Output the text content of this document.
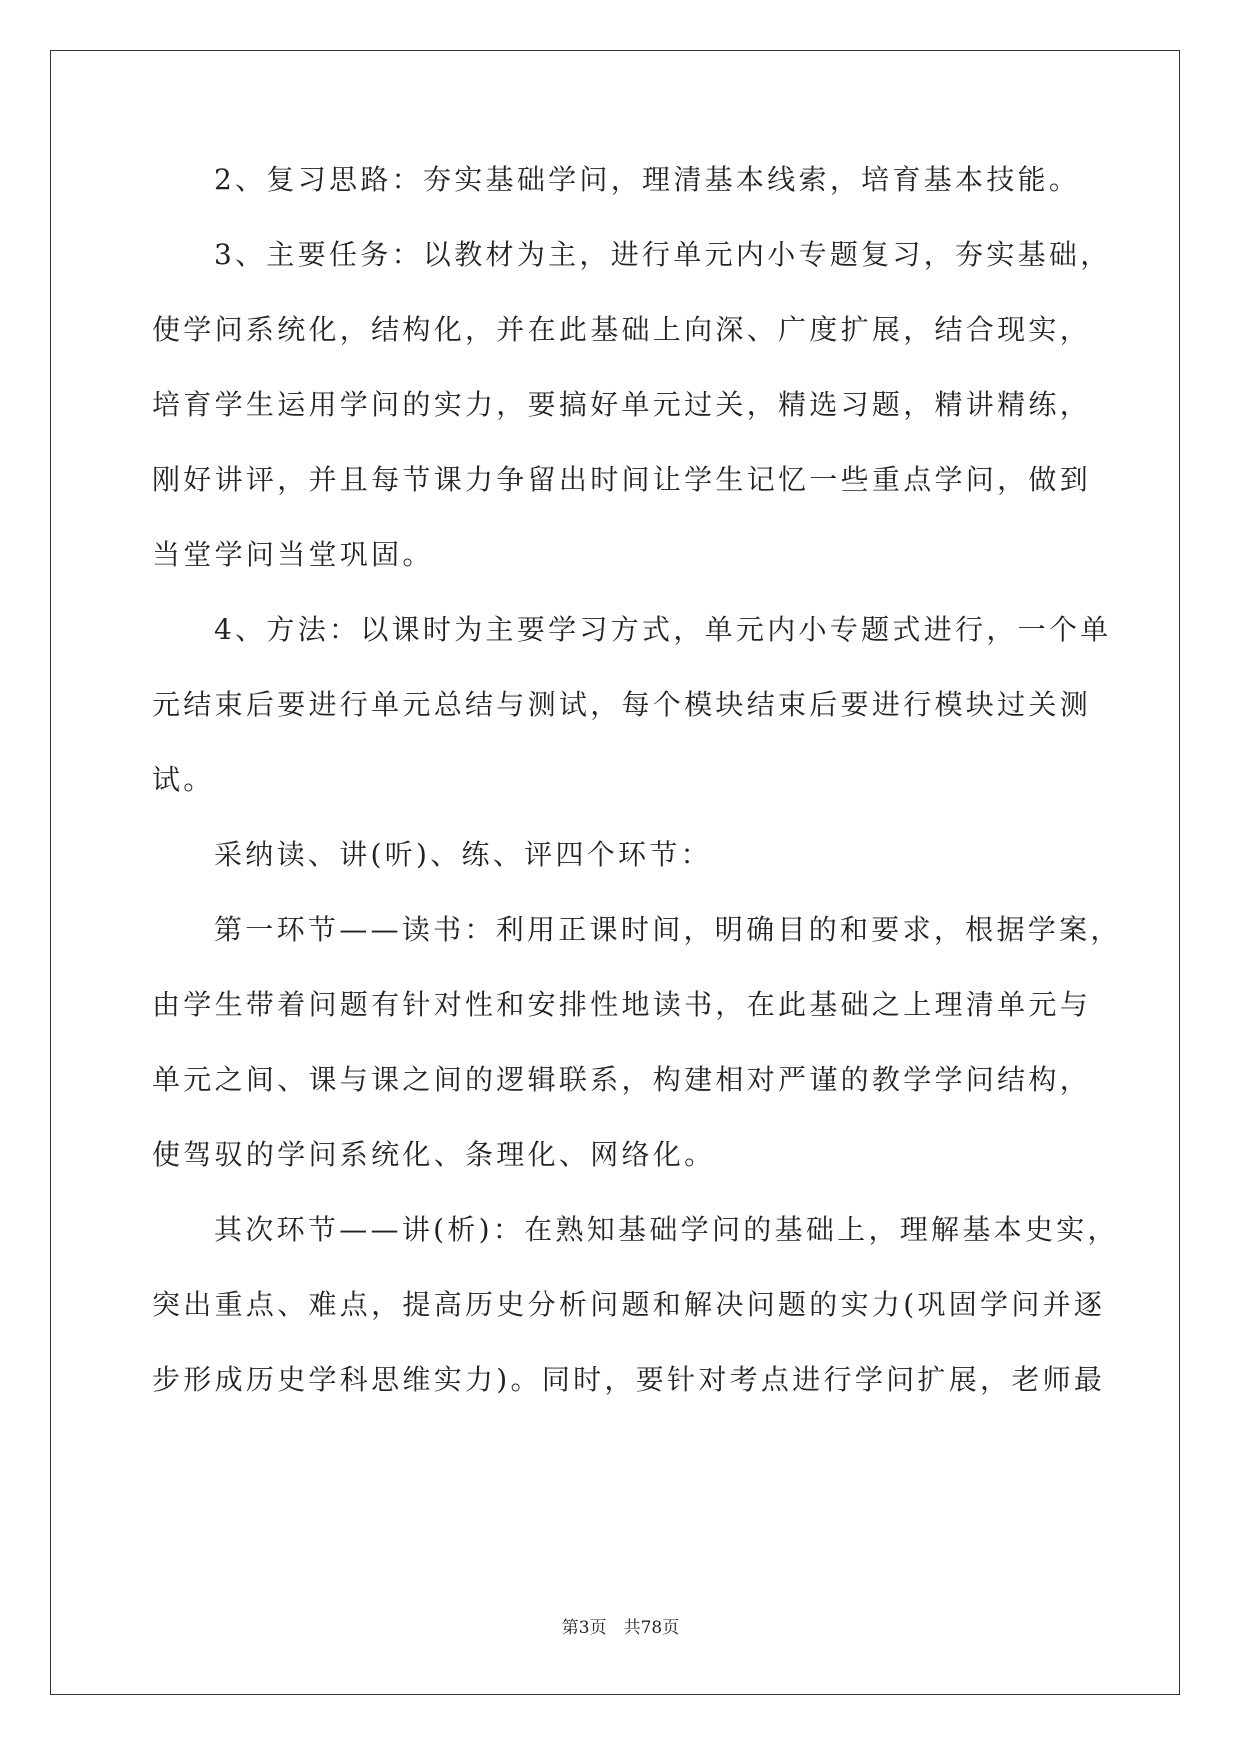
2、复习思路：夯实基础学问，理清基本线索，培育基本技能。
3、主要任务：以教材为主，进行单元内小专题复习，夯实基础，
使学问系统化，结构化，并在此基础上向深、广度扩展，结合现实，
培育学生运用学问的实力，要搞好单元过关，精选习题，精讲精练，
刚好讲评，并且每节课力争留出时间让学生记忆一些重点学问，做到
当堂学问当堂巩固。
4、方法：以课时为主要学习方式，单元内小专题式进行，一个单
元结束后要进行单元总结与测试，每个模块结束后要进行模块过关测
试。
采纳读、讲(听)、练、评四个环节：
第一环节——读书：利用正课时间，明确目的和要求，根据学案，
由学生带着问题有针对性和安排性地读书，在此基础之上理清单元与
单元之间、课与课之间的逻辑联系，构建相对严谨的教学学问结构，
使驾驭的学问系统化、条理化、网络化。
其次环节——讲(析)：在熟知基础学问的基础上，理解基本史实，
突出重点、难点，提高历史分析问题和解决问题的实力(巩固学问并逐
步形成历史学科思维实力)。同时，要针对考点进行学问扩展，老师最
第3页　共78页
